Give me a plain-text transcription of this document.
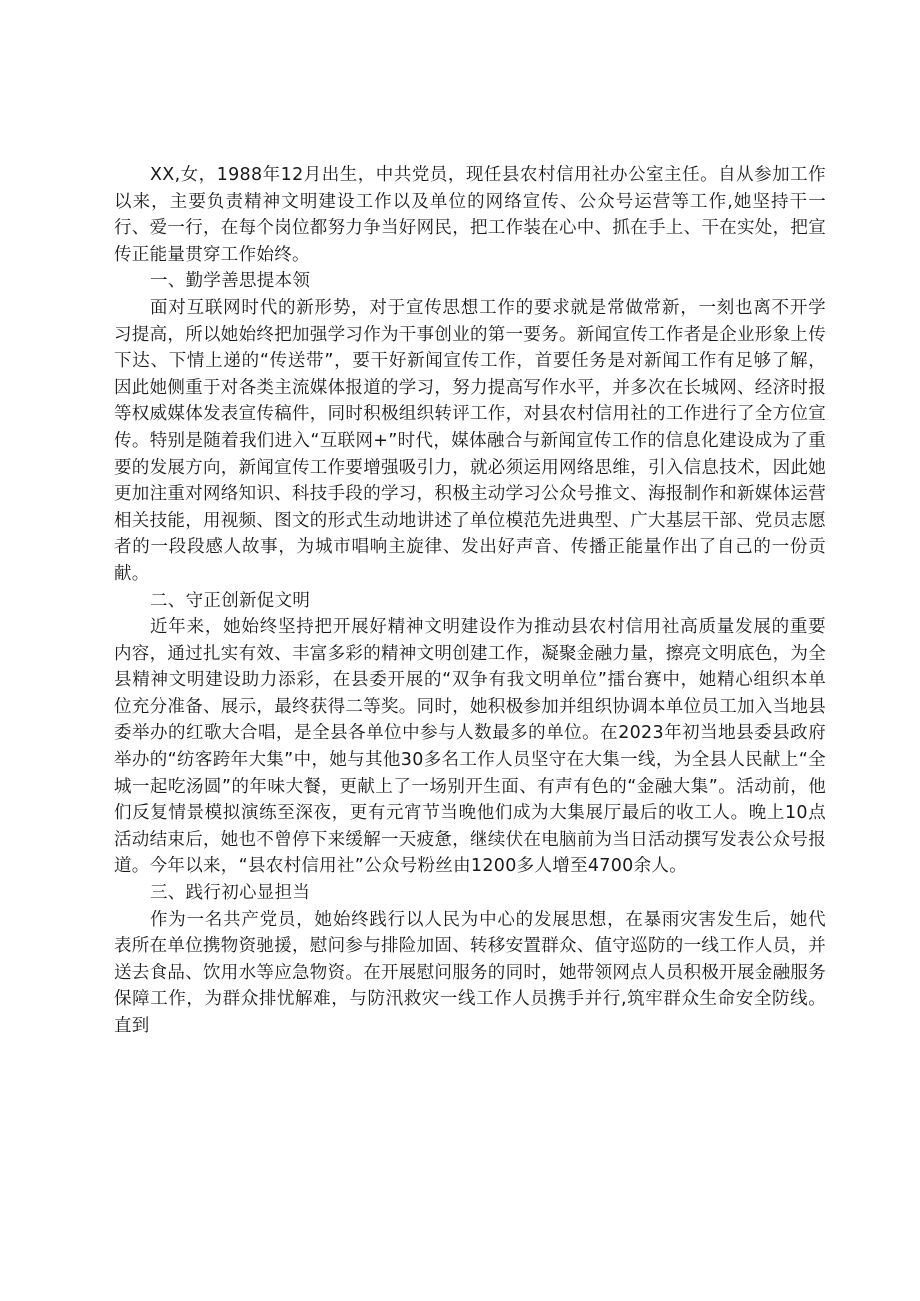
XX,女，1988年12月出生，中共党员，现任县农村信用社办公室主任。自从参加工作以来，主要负责精神文明建设工作以及单位的网络宣传、公众号运营等工作,她坚持干一行、爱一行，在每个岗位都努力争当好网民，把工作装在心中、抓在手上、干在实处，把宣传正能量贯穿工作始终。

一、勤学善思提本领

面对互联网时代的新形势，对于宣传思想工作的要求就是常做常新，一刻也离不开学习提高，所以她始终把加强学习作为干事创业的第一要务。新闻宣传工作者是企业形象上传下达、下情上递的“传送带”，要干好新闻宣传工作，首要任务是对新闻工作有足够了解，因此她侧重于对各类主流媒体报道的学习，努力提高写作水平，并多次在长城网、经济时报等权威媒体发表宣传稿件，同时积极组织转评工作，对县农村信用社的工作进行了全方位宣传。特别是随着我们进入“互联网+”时代，媒体融合与新闻宣传工作的信息化建设成为了重要的发展方向，新闻宣传工作要增强吸引力，就必须运用网络思维，引入信息技术，因此她更加注重对网络知识、科技手段的学习，积极主动学习公众号推文、海报制作和新媒体运营相关技能，用视频、图文的形式生动地讲述了单位模范先进典型、广大基层干部、党员志愿者的一段段感人故事，为城市唱响主旋律、发出好声音、传播正能量作出了自己的一份贡献。

二、守正创新促文明

近年来，她始终坚持把开展好精神文明建设作为推动县农村信用社高质量发展的重要内容，通过扎实有效、丰富多彩的精神文明创建工作，凝聚金融力量，擦亮文明底色，为全县精神文明建设助力添彩，在县委开展的“双争有我文明单位”擂台赛中，她精心组织本单位充分准备、展示，最终获得二等奖。同时，她积极参加并组织协调本单位员工加入当地县委举办的红歌大合唱，是全县各单位中参与人数最多的单位。在2023年初当地县委县政府举办的“纺客跨年大集”中，她与其他30多名工作人员坚守在大集一线，为全县人民献上“全城一起吃汤圆”的年味大餐，更献上了一场别开生面、有声有色的“金融大集”。活动前，他们反复情景模拟演练至深夜，更有元宵节当晚他们成为大集展厅最后的收工人。晚上10点活动结束后，她也不曾停下来缓解一天疲惫，继续伏在电脑前为当日活动撰写发表公众号报道。今年以来，“县农村信用社”公众号粉丝由1200多人增至4700余人。

三、践行初心显担当

作为一名共产党员，她始终践行以人民为中心的发展思想，在暴雨灾害发生后，她代表所在单位携物资驰援，慰问参与排险加固、转移安置群众、值守巡防的一线工作人员，并送去食品、饮用水等应急物资。在开展慰问服务的同时，她带领网点人员积极开展金融服务保障工作，为群众排忧解难，与防汛救灾一线工作人员携手并行,筑牢群众生命安全防线。直到
